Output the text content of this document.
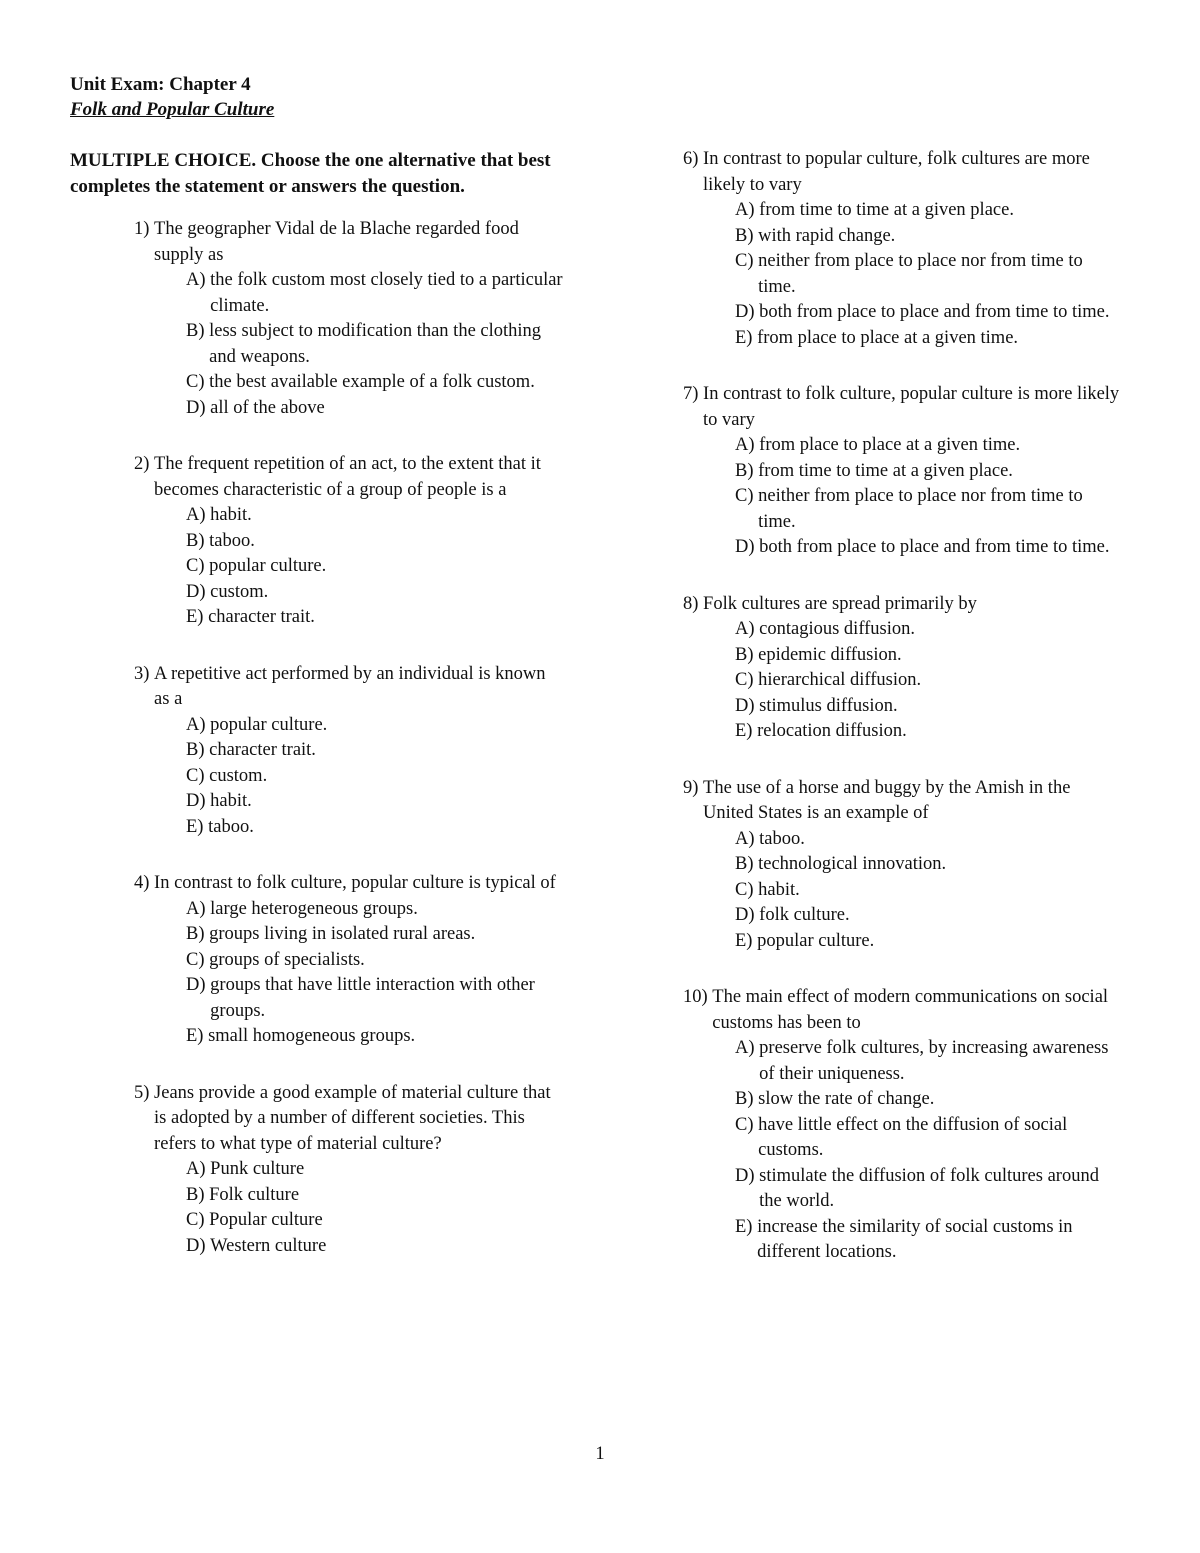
Unit Exam: Chapter 4
Folk and Popular Culture
MULTIPLE CHOICE. Choose the one alternative that best completes the statement or answers the question.
1)
The geographer Vidal de la Blache regarded food supply as
A)
the folk custom most closely tied to a particular climate.
B)
less subject to modification than the clothing and weapons.
C)
the best available example of a folk custom.
D)
all of the above
2)
The frequent repetition of an act, to the extent that it becomes characteristic of a group of people is a
A)
habit.
B)
taboo.
C)
popular culture.
D)
custom.
E)
character trait.
3)
A repetitive act performed by an individual is known as a
A)
popular culture.
B)
character trait.
C)
custom.
D)
habit.
E)
taboo.
4)
In contrast to folk culture, popular culture is typical of
A)
large heterogeneous groups.
B)
groups living in isolated rural areas.
C)
groups of specialists.
D)
groups that have little interaction with other groups.
E)
small homogeneous groups.
5)
Jeans provide a good example of material culture that is adopted by a number of different societies. This refers to what type of material culture?
A)
Punk culture
B)
Folk culture
C)
Popular culture
D)
Western culture
6)
In contrast to popular culture, folk cultures are more likely to vary
A)
from time to time at a given place.
B)
with rapid change.
C)
neither from place to place nor from time to time.
D)
both from place to place and from time to time.
E)
from place to place at a given time.
7)
In contrast to folk culture, popular culture is more likely to vary
A)
from place to place at a given time.
B)
from time to time at a given place.
C)
neither from place to place nor from time to time.
D)
both from place to place and from time to time.
8)
Folk cultures are spread primarily by
A)
contagious diffusion.
B)
epidemic diffusion.
C)
hierarchical diffusion.
D)
stimulus diffusion.
E)
relocation diffusion.
9)
The use of a horse and buggy by the Amish in the United States is an example of
A)
taboo.
B)
technological innovation.
C)
habit.
D)
folk culture.
E)
popular culture.
10)
The main effect of modern communications on social customs has been to
A)
preserve folk cultures, by increasing awareness of their uniqueness.
B)
slow the rate of change.
C)
have little effect on the diffusion of social customs.
D)
stimulate the diffusion of folk cultures around the world.
E)
increase the similarity of social customs in different locations.
1
